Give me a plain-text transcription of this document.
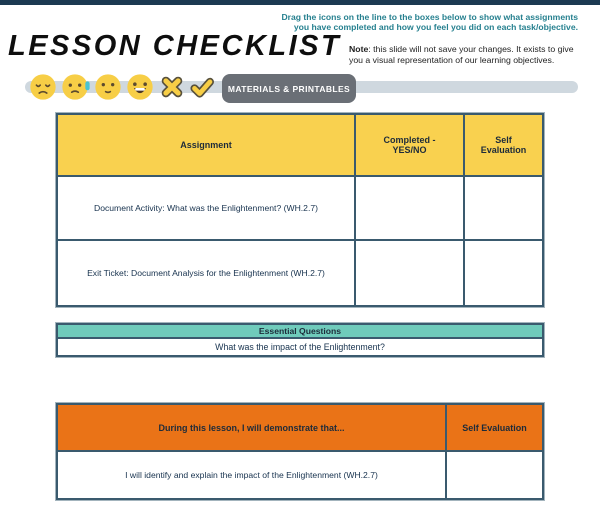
LESSON CHECKLIST
Drag the icons on the line to the boxes below to show what assignments you have completed and how you feel you did on each task/objective.
Note: this slide will not save your changes. It exists to give you a visual representation of our learning objectives.
MATERIALS & PRINTABLES
Assignment	Completed - YES/NO
Self Evaluation
Document Activity: What was the Enlightenment? (WH.2.7)
Exit Ticket: Document Analysis for the Enlightenment (WH.2.7)
Essential Questions
What was the impact of the Enlightenment?
During this lesson, I will demonstrate that...	Self Evaluation
I will identify and explain the impact of the Enlightenment (WH.2.7)
